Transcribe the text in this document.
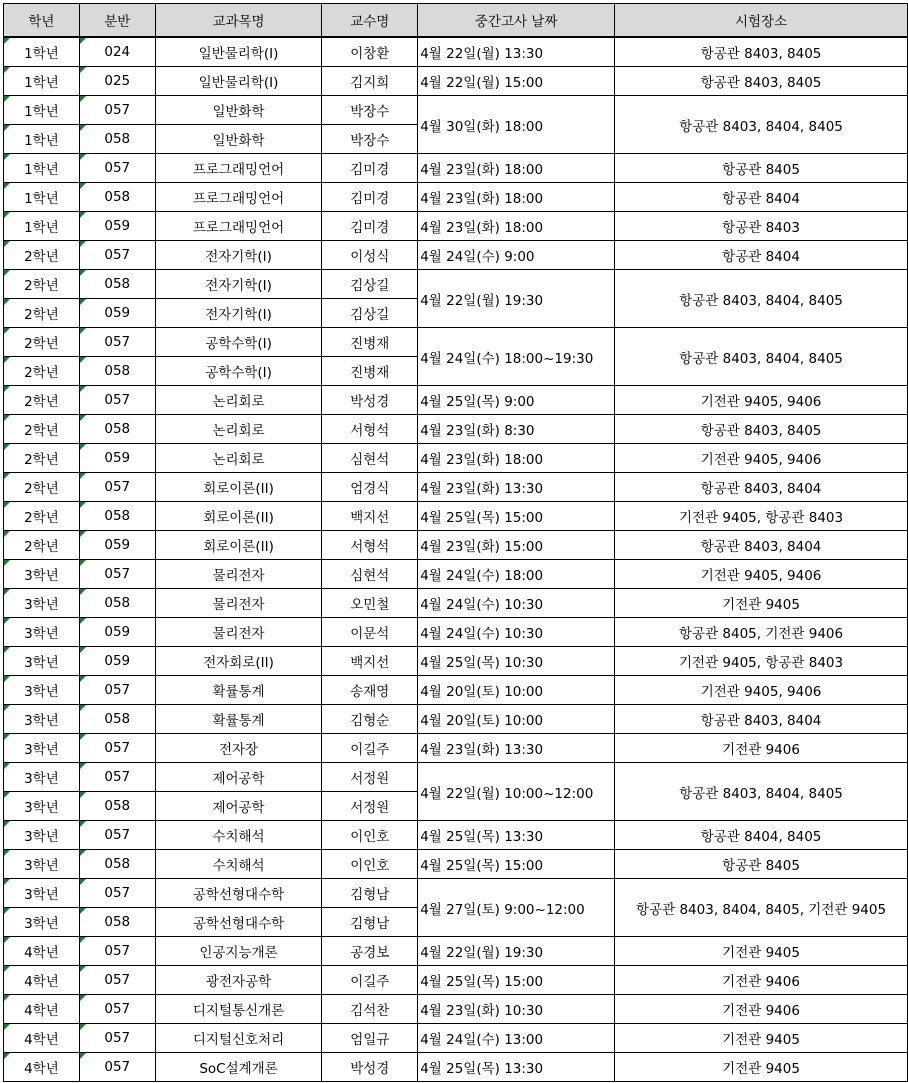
학년	분반	교과목명	교수명	중간고사 날짜	시험장소
1학년	024	일반물리학(I)	이창환	4월 22일(월) 13:30	항공관 8403, 8405
1학년	025	일반물리학(I)	김지희	4월 22일(월) 15:00	항공관 8403, 8405
1학년	057	일반화학	박장수	4월 30일(화) 18:00	항공관 8403, 8404, 8405
1학년	058	일반화학	박장수		
1학년	057	프로그래밍언어	김미경	4월 23일(화) 18:00	항공관 8405
1학년	058	프로그래밍언어	김미경	4월 23일(화) 18:00	항공관 8404
1학년	059	프로그래밍언어	김미경	4월 23일(화) 18:00	항공관 8403
2학년	057	전자기학(I)	이성식	4월 24일(수) 9:00	항공관 8404
2학년	058	전자기학(I)	김상길	4월 22일(월) 19:30	항공관 8403, 8404, 8405
2학년	059	전자기학(I)	김상길		
2학년	057	공학수학(I)	진병재	4월 24일(수) 18:00~19:30	항공관 8403, 8404, 8405
2학년	058	공학수학(I)	진병재		
2학년	057	논리회로	박성경	4월 25일(목) 9:00	기전관 9405, 9406
2학년	058	논리회로	서형석	4월 23일(화) 8:30	항공관 8403, 8405
2학년	059	논리회로	심현석	4월 23일(화) 18:00	기전관 9405, 9406
2학년	057	회로이론(II)	엄경식	4월 23일(화) 13:30	항공관 8403, 8404
2학년	058	회로이론(II)	백지선	4월 25일(목) 15:00	기전관 9405, 항공관 8403
2학년	059	회로이론(II)	서형석	4월 23일(화) 15:00	항공관 8403, 8404
3학년	057	물리전자	심현석	4월 24일(수) 18:00	기전관 9405, 9406
3학년	058	물리전자	오민철	4월 24일(수) 10:30	기전관 9405
3학년	059	물리전자	이문석	4월 24일(수) 10:30	항공관 8405, 기전관 9406
3학년	059	전자회로(II)	백지선	4월 25일(목) 10:30	기전관 9405, 항공관 8403
3학년	057	확률통계	송재영	4월 20일(토) 10:00	기전관 9405, 9406
3학년	058	확률통계	김형순	4월 20일(토) 10:00	항공관 8403, 8404
3학년	057	전자장	이길주	4월 23일(화) 13:30	기전관 9406
3학년	057	제어공학	서정원	4월 22일(월) 10:00~12:00	항공관 8403, 8404, 8405
3학년	058	제어공학	서정원		
3학년	057	수치해석	이인호	4월 25일(목) 13:30	항공관 8404, 8405
3학년	058	수치해석	이인호	4월 25일(목) 15:00	항공관 8405
3학년	057	공학선형대수학	김형남	4월 27일(토) 9:00~12:00	항공관 8403, 8404, 8405, 기전관 9405
3학년	058	공학선형대수학	김형남		
4학년	057	인공지능개론	공경보	4월 22일(월) 19:30	기전관 9405
4학년	057	광전자공학	이길주	4월 25일(목) 15:00	기전관 9406
4학년	057	디지털통신개론	김석찬	4월 23일(화) 10:30	기전관 9406
4학년	057	디지털신호처리	엄일규	4월 24일(수) 13:00	기전관 9405
4학년	057	SoC설계개론	박성경	4월 25일(목) 13:30	기전관 9405
